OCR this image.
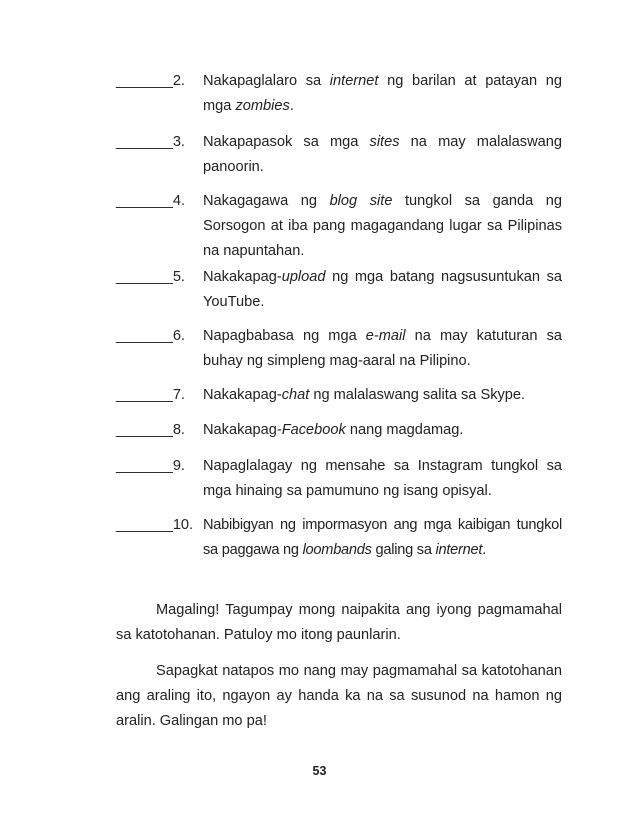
_______2. Nakapaglalaro sa internet ng barilan at patayan ng mga zombies.
_______3. Nakapapasok sa mga sites na may malalaswang panoorin.
_______4. Nakagagawa ng blog site tungkol sa ganda ng Sorsogon at iba pang magagandang lugar sa Pilipinas na napuntahan.
_______5. Nakakapag-upload ng mga batang nagsusuntukan sa YouTube.
_______6. Napagbabasa ng mga e-mail na may katuturan sa buhay ng simpleng mag-aaral na Pilipino.
_______7. Nakakapag-chat ng malalaswang salita sa Skype.
_______8. Nakakapag-Facebook nang magdamag.
_______9. Napaglalagay ng mensahe sa Instagram tungkol sa mga hinaing sa pamumuno ng isang opisyal.
_______10. Nabibigyan ng impormasyon ang mga kaibigan tungkol sa paggawa ng loombands galing sa internet.
Magaling! Tagumpay mong naipakita ang iyong pagmamahal sa katotohanan. Patuloy mo itong paunlarin.
Sapagkat natapos mo nang may pagmamahal sa katotohanan ang araling ito, ngayon ay handa ka na sa susunod na hamon ng aralin. Galingan mo pa!
53
